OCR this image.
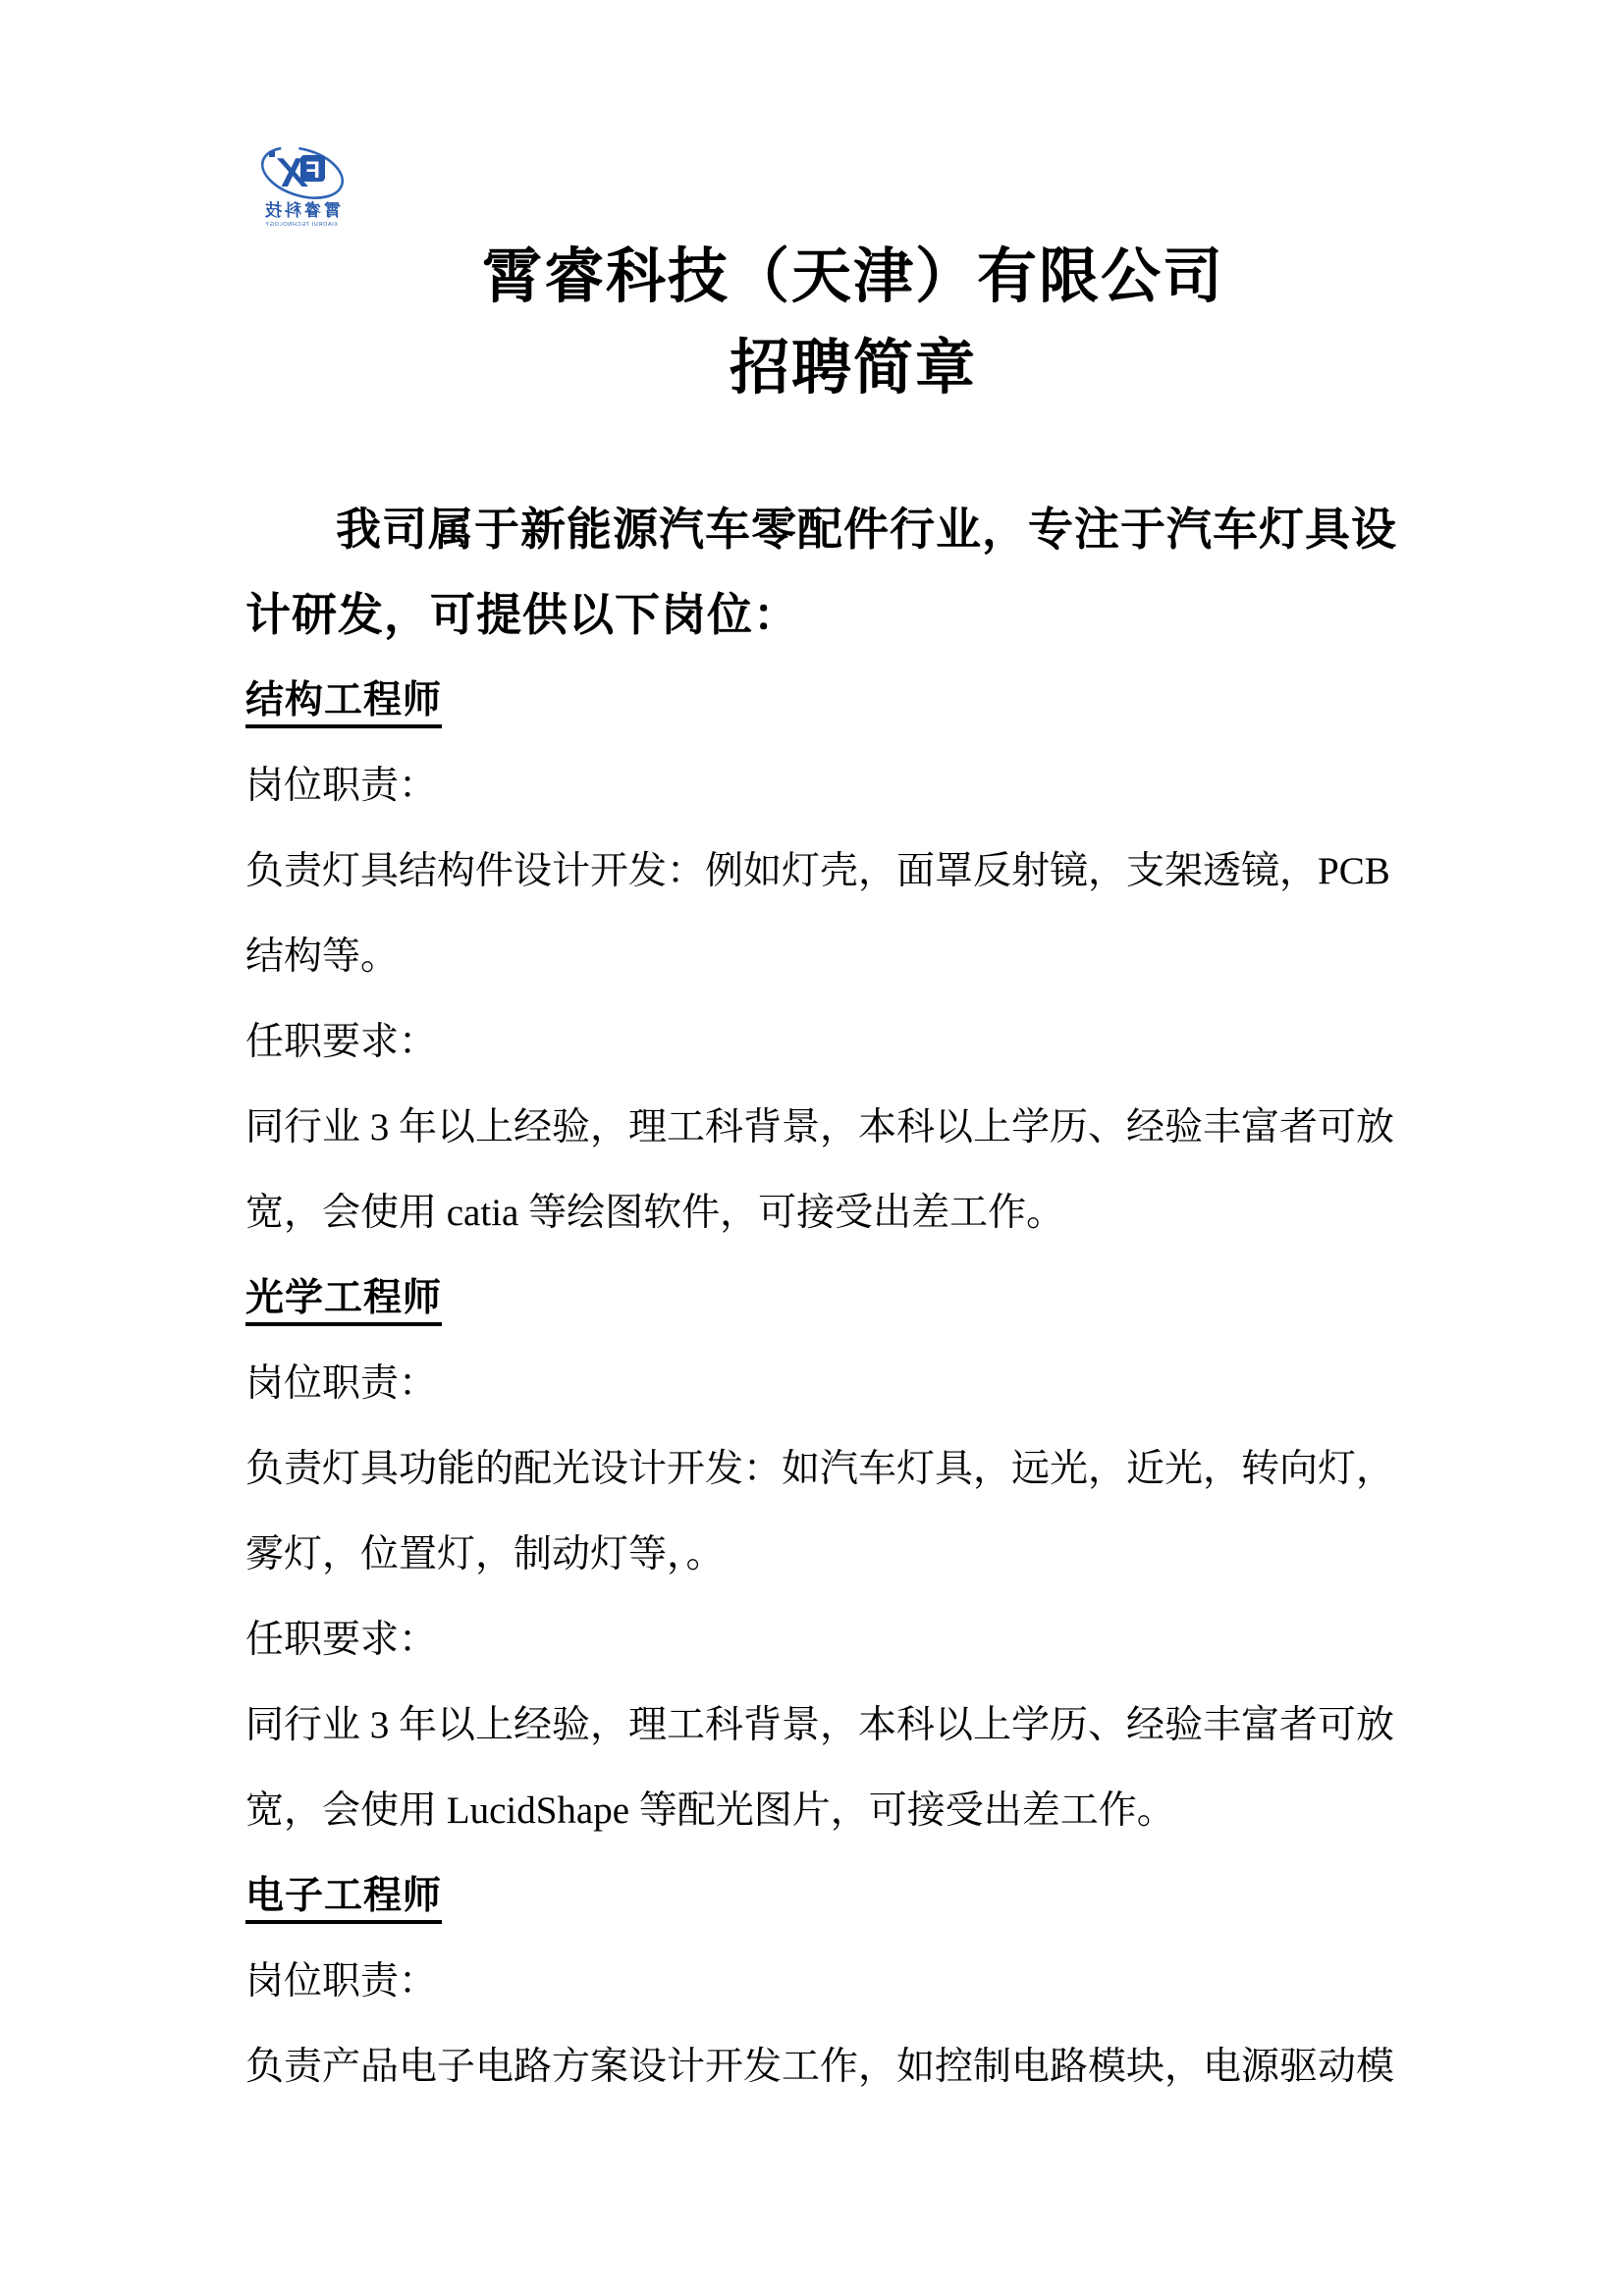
F
X
霄睿科技
XIAORUI TECHNOLOGY
霄睿科技（天津）有限公司
招聘简章
我司属于新能源汽车零配件行业，专注于汽车灯具设
计研发，可提供以下岗位：
结构工程师
岗位职责：
负责灯具结构件设计开发：例如灯壳，面罩反射镜，支架透镜，PCB
结构等。
任职要求：
同行业 3 年以上经验，理工科背景，本科以上学历、经验丰富者可放
宽，会使用 catia 等绘图软件，可接受出差工作。
光学工程师
岗位职责：
负责灯具功能的配光设计开发：如汽车灯具，远光，近光，转向灯，
雾灯，位置灯，制动灯等，。
任职要求：
同行业 3 年以上经验，理工科背景，本科以上学历、经验丰富者可放
宽，会使用 LucidShape 等配光图片，可接受出差工作。
电子工程师
岗位职责：
负责产品电子电路方案设计开发工作，如控制电路模块，电源驱动模
